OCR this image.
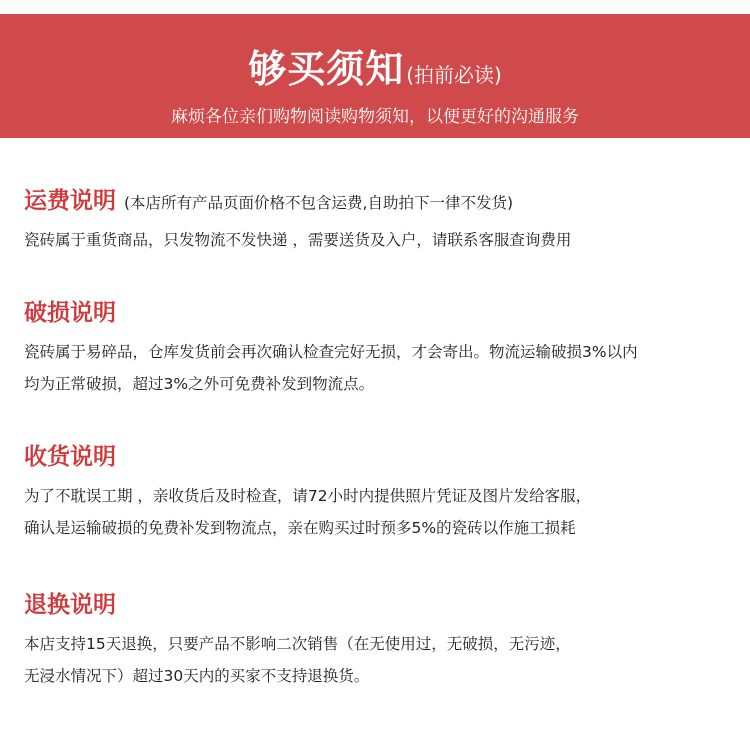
够买须知 (拍前必读)
麻烦各位亲们购物阅读购物须知，以便更好的沟通服务
运费说明 (本店所有产品页面价格不包含运费,自助拍下一律不发货)
瓷砖属于重货商品，只发物流不发快递 ，需要送货及入户，请联系客服查询费用
破损说明
瓷砖属于易碎品，仓库发货前会再次确认检查完好无损，才会寄出。物流运输破损3%以内
均为正常破损，超过3%之外可免费补发到物流点。
收货说明
为了不耽误工期 ，亲收货后及时检查，请72小时内提供照片凭证及图片发给客服，
确认是运输破损的免费补发到物流点，亲在购买过时预多5%的瓷砖以作施工损耗
退换说明
本店支持15天退换，只要产品不影响二次销售（在无使用过，无破损，无污迹，
无浸水情况下）超过30天内的买家不支持退换货。
